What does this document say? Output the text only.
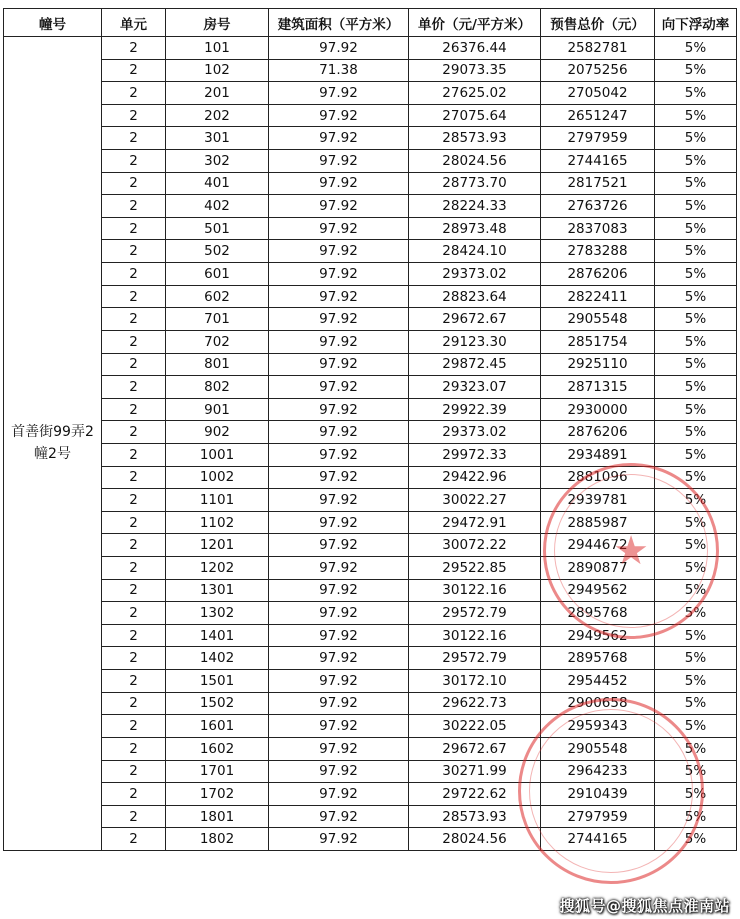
幢号	单元	房号	建筑面积（平方米）	单价（元/平方米）	预售总价（元）	向下浮动率
首善街99弄2幢2号	2	101	97.92	26376.44	2582781	5%
	2	102	71.38	29073.35	2075256	5%
	2	201	97.92	27625.02	2705042	5%
	2	202	97.92	27075.64	2651247	5%
	2	301	97.92	28573.93	2797959	5%
	2	302	97.92	28024.56	2744165	5%
	2	401	97.92	28773.70	2817521	5%
	2	402	97.92	28224.33	2763726	5%
	2	501	97.92	28973.48	2837083	5%
	2	502	97.92	28424.10	2783288	5%
	2	601	97.92	29373.02	2876206	5%
	2	602	97.92	28823.64	2822411	5%
	2	701	97.92	29672.67	2905548	5%
	2	702	97.92	29123.30	2851754	5%
	2	801	97.92	29872.45	2925110	5%
	2	802	97.92	29323.07	2871315	5%
	2	901	97.92	29922.39	2930000	5%
	2	902	97.92	29373.02	2876206	5%
	2	1001	97.92	29972.33	2934891	5%
	2	1002	97.92	29422.96	2881096	5%
	2	1101	97.92	30022.27	2939781	5%
	2	1102	97.92	29472.91	2885987	5%
	2	1201	97.92	30072.22	2944672	5%
	2	1202	97.92	29522.85	2890877	5%
	2	1301	97.92	30122.16	2949562	5%
	2	1302	97.92	29572.79	2895768	5%
	2	1401	97.92	30122.16	2949562	5%
	2	1402	97.92	29572.79	2895768	5%
	2	1501	97.92	30172.10	2954452	5%
	2	1502	97.92	29622.73	2900658	5%
	2	1601	97.92	30222.05	2959343	5%
	2	1602	97.92	29672.67	2905548	5%
	2	1701	97.92	30271.99	2964233	5%
	2	1702	97.92	29722.62	2910439	5%
	2	1801	97.92	28573.93	2797959	5%
	2	1802	97.92	28024.56	2744165	5%
★
搜狐号@搜狐焦点淮南站
